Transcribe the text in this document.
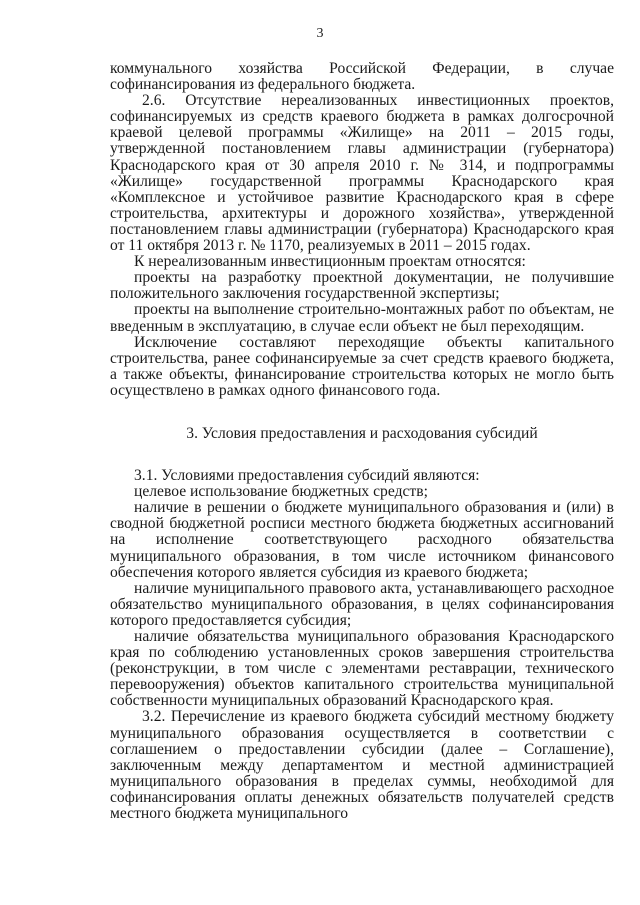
3

коммунального хозяйства Российской Федерации, в случае софинансирования из федерального бюджета.

2.6. Отсутствие нереализованных инвестиционных проектов, софинансируемых из средств краевого бюджета в рамках долгосрочной краевой целевой программы «Жилище» на 2011 – 2015 годы, утвержденной постановлением главы администрации (губернатора) Краснодарского края от 30 апреля 2010 г. № 314, и подпрограммы «Жилище» государственной программы Краснодарского края «Комплексное и устойчивое развитие Краснодарского края в сфере строительства, архитектуры и дорожного хозяйства», утвержденной постановлением главы администрации (губернатора) Краснодарского края от 11 октября 2013 г. № 1170, реализуемых в 2011 – 2015 годах.

К нереализованным инвестиционным проектам относятся:

проекты на разработку проектной документации, не получившие положительного заключения государственной экспертизы;

проекты на выполнение строительно-монтажных работ по объектам, не введенным в эксплуатацию, в случае если объект не был переходящим.

Исключение составляют переходящие объекты капитального строительства, ранее софинансируемые за счет средств краевого бюджета, а также объекты, финансирование строительства которых не могло быть осуществлено в рамках одного финансового года.

3. Условия предоставления и расходования субсидий

3.1. Условиями предоставления субсидий являются:

целевое использование бюджетных средств;

наличие в решении о бюджете муниципального образования и (или) в сводной бюджетной росписи местного бюджета бюджетных ассигнований на исполнение соответствующего расходного обязательства муниципального образования, в том числе источником финансового обеспечения которого является субсидия из краевого бюджета;

наличие муниципального правового акта, устанавливающего расходное обязательство муниципального образования, в целях софинансирования которого предоставляется субсидия;

наличие обязательства муниципального образования Краснодарского края по соблюдению установленных сроков завершения строительства (реконструкции, в том числе с элементами реставрации, технического перевооружения) объектов капитального строительства муниципальной собственности муниципальных образований Краснодарского края.

3.2. Перечисление из краевого бюджета субсидий местному бюджету муниципального образования осуществляется в соответствии с соглашением о предоставлении субсидии (далее – Соглашение), заключенным между департаментом и местной администрацией муниципального образования в пределах суммы, необходимой для софинансирования оплаты денежных обязательств получателей средств местного бюджета муниципального
